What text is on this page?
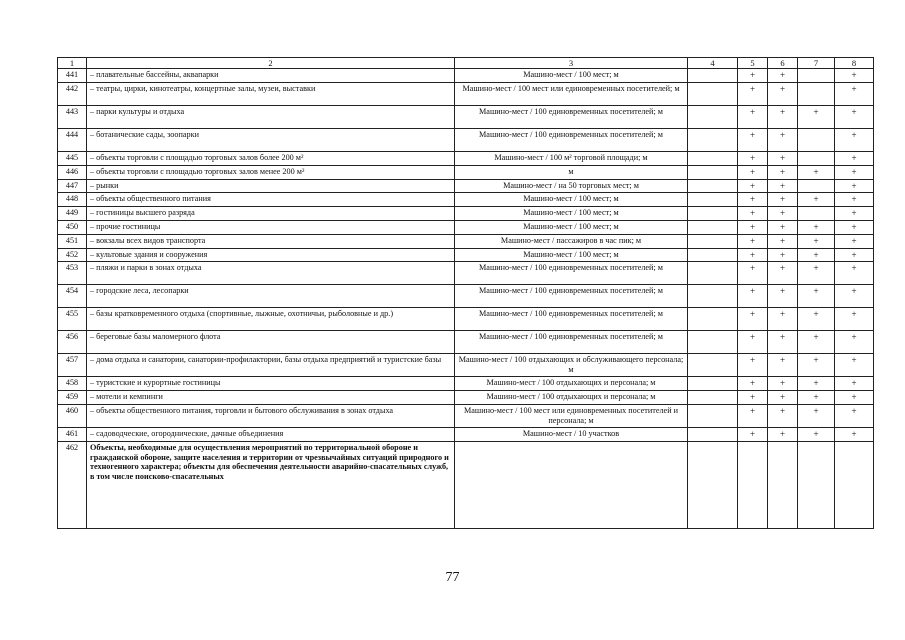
1	2	3	4	5	6	7	8
441	– плавательные бассейны, аквапарки	Машино-мест / 100 мест; м		+	+		+
442	– театры, цирки, кинотеатры, концертные залы, музеи, выставки	Машино-мест / 100 мест или единовременных посетителей; м		+	+		+
443	– парки культуры и отдыха	Машино-мест / 100 единовременных посетителей; м		+	+	+	+
444	– ботанические сады, зоопарки	Машино-мест / 100 единовременных посетителей; м		+	+		+
445	– объекты торговли с площадью торговых залов более 200 м²	Машино-мест / 100 м² торговой площади; м		+	+		+
446	– объекты торговли с площадью торговых залов менее 200 м²	м		+	+	+	+
447	– рынки	Машино-мест / на 50 торговых мест; м		+	+		+
448	– объекты общественного питания	Машино-мест / 100 мест; м		+	+	+	+
449	– гостиницы высшего разряда	Машино-мест / 100 мест; м		+	+		+
450	– прочие гостиницы	Машино-мест / 100 мест; м		+	+	+	+
451	– вокзалы всех видов транспорта	Машино-мест / пассажиров в час пик; м		+	+	+	+
452	– культовые здания и сооружения	Машино-мест / 100 мест; м		+	+	+	+
453	– пляжи и парки в зонах отдыха	Машино-мест / 100 единовременных посетителей; м		+	+	+	+
454	– городские леса, лесопарки	Машино-мест / 100 единовременных посетителей; м		+	+	+	+
455	– базы кратковременного отдыха (спортивные, лыжные, охотничьи, рыболовные и др.)	Машино-мест / 100 единовременных посетителей; м		+	+	+	+
456	– береговые базы маломерного флота	Машино-мест / 100 единовременных посетителей; м		+	+	+	+
457	– дома отдыха и санатории, санатории-профилактории, базы отдыха предприятий и туристские базы	Машино-мест / 100 отдыхающих и обслуживающего персонала; м		+	+	+	+
458	– туристские и курортные гостиницы	Машино-мест / 100 отдыхающих и персонала; м		+	+	+	+
459	– мотели и кемпинги	Машино-мест / 100 отдыхающих и персонала; м		+	+	+	+
460	– объекты общественного питания, торговли и бытового обслуживания в зонах отдыха	Машино-мест / 100 мест или единовременных посетителей и персонала; м		+	+	+	+
461	– садоводческие, огороднические, дачные объединения	Машино-мест / 10 участков		+	+	+	+
462	Объекты, необходимые для осуществления мероприятий по территориальной обороне и гражданской обороне, защите населения и территории от чрезвычайных ситуаций природного и техногенного характера; объекты для обеспечения деятельности аварийно-спасательных служб, в том числе поисково-спасательных						
77
